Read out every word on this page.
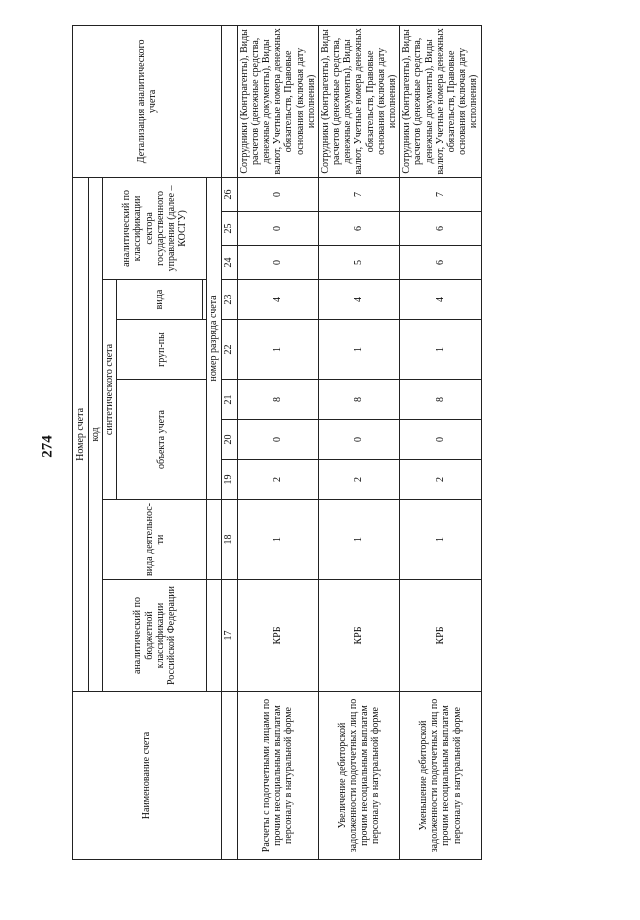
274
Наименование счета	Номер счета										Детализация аналитического учета
	код										
	аналитический по бюджетной классификации Российской Федерации	вида деятельнос-ти	синтетического счета					аналитический по классификации сектора государственного управления (далее – КОСГУ)			
			объекта учета			груп-пы	вида				

			номер разряда счета								
	17	18	19	20	21	22	23	24	25	26	
Расчеты с подотчетными лицами по прочим несоциальным выплатам персоналу в натуральной форме	КРБ	1	2	0	8	1	4	0	0	0	Сотрудники (Контрагенты), Виды расчетов (денежные средства, денежные документы), Виды валют, Учетные номера денежных обязательств, Правовые основания (включая дату исполнения)
Увеличение дебиторской задолженности подотчетных лиц по прочим несоциальным выплатам персоналу в натуральной форме	КРБ	1	2	0	8	1	4	5	6	7	Сотрудники (Контрагенты), Виды расчетов (денежные средства, денежные документы), Виды валют, Учетные номера денежных обязательств, Правовые основания (включая дату исполнения)
Уменьшение дебиторской задолженности подотчетных лиц по прочим несоциальным выплатам персоналу в натуральной форме	КРБ	1	2	0	8	1	4	6	6	7	Сотрудники (Контрагенты), Виды расчетов (денежные средства, денежные документы), Виды валют, Учетные номера денежных обязательств, Правовые основания (включая дату исполнения)
